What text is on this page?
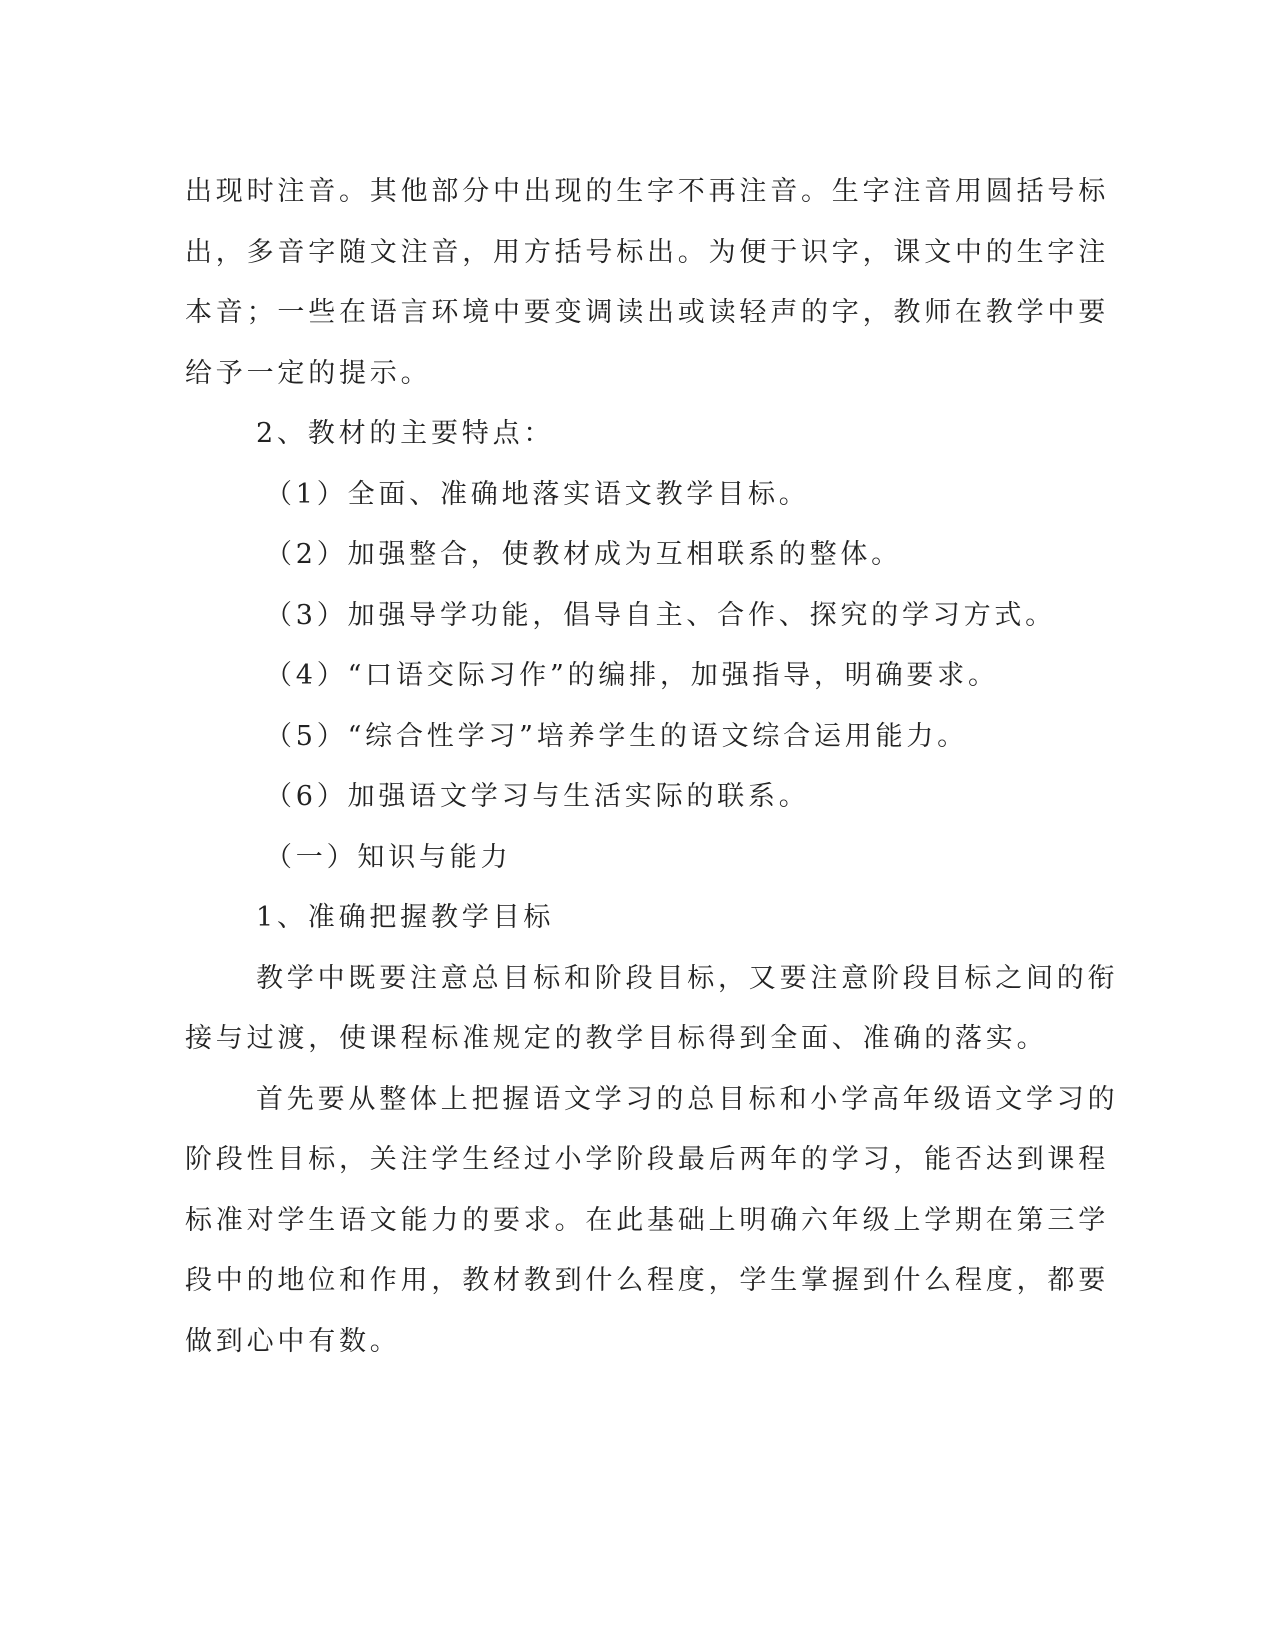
出现时注音。其他部分中出现的生字不再注音。生字注音用圆括号标
出，多音字随文注音，用方括号标出。为便于识字，课文中的生字注
本音；一些在语言环境中要变调读出或读轻声的字，教师在教学中要
给予一定的提示。
2、教材的主要特点：
（1）全面、准确地落实语文教学目标。
（2）加强整合，使教材成为互相联系的整体。
（3）加强导学功能，倡导自主、合作、探究的学习方式。
（4）“口语交际习作”的编排，加强指导，明确要求。
（5）“综合性学习”培养学生的语文综合运用能力。
（6）加强语文学习与生活实际的联系。
（一）知识与能力
1、准确把握教学目标
教学中既要注意总目标和阶段目标，又要注意阶段目标之间的衔
接与过渡，使课程标准规定的教学目标得到全面、准确的落实。
首先要从整体上把握语文学习的总目标和小学高年级语文学习的
阶段性目标，关注学生经过小学阶段最后两年的学习，能否达到课程
标准对学生语文能力的要求。在此基础上明确六年级上学期在第三学
段中的地位和作用，教材教到什么程度，学生掌握到什么程度，都要
做到心中有数。
